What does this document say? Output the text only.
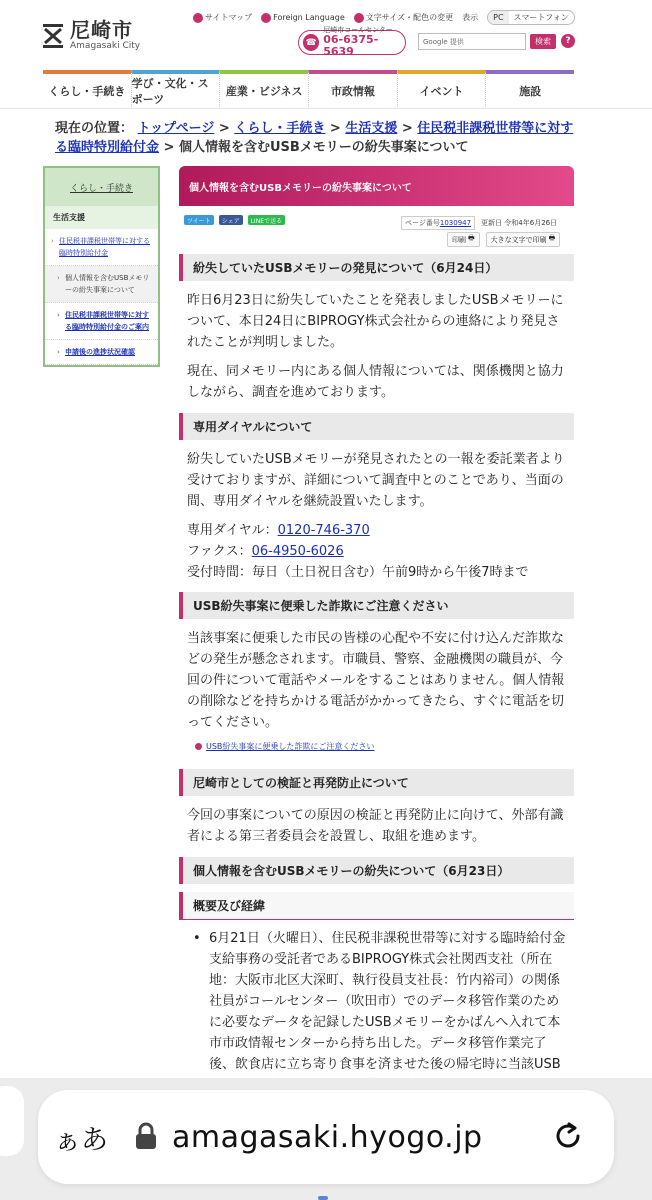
尼崎市
Amagasaki City
サイトマップ	Foreign Language	文字サイズ・配色の変更 表示	PC	スマートフォン
☎
尼崎市コールセンター
06-6375-5639
Google 提供	検索	?
くらし・手続き
学び・文化・スポーツ
産業・ビジネス	市政情報	イベント	施設
現在の位置： トップページ > くらし・手続き > 生活支援 > 住民税非課税世帯等に対する臨時特別給付金 > 個人情報を含むUSBメモリーの紛失事案について
くらし・手続き
生活支援
› 住民税非課税世帯等に対する臨時特別給付金
› 個人情報を含むUSBメモリーの紛失事案について
› 住民税非課税世帯等に対する臨時特別給付金のご案内
› 申請後の進捗状況確認
個人情報を含むUSBメモリーの紛失事案について
ツイート	シェア	LINEで送る	ページ番号1030947	更新日 令和4年6月26日
印刷 🖶 大きな文字で印刷 🖶
紛失していたUSBメモリーの発見について（6月24日）
昨日6月23日に紛失していたことを発表しましたUSBメモリーについて、本日24日にBIPROGY株式会社からの連絡により発見されたことが判明しました。
現在、同メモリー内にある個人情報については、関係機関と協力しながら、調査を進めております。
専用ダイヤルについて
紛失していたUSBメモリーが発見されたとの一報を委託業者より受けておりますが、詳細について調査中とのことであり、当面の間、専用ダイヤルを継続設置いたします。
専用ダイヤル：0120-746-370
ファクス：06-4950-6026
受付時間：毎日（土日祝日含む）午前9時から午後7時まで
USB紛失事案に便乗した詐欺にご注意ください
当該事案に便乗した市民の皆様の心配や不安に付け込んだ詐欺などの発生が懸念されます。市職員、警察、金融機関の職員が、今回の件について電話やメールをすることはありません。個人情報の削除などを持ちかける電話がかかってきたら、すぐに電話を切ってください。
USB紛失事案に便乗した詐欺にご注意ください
尼崎市としての検証と再発防止について
今回の事案についての原因の検証と再発防止に向けて、外部有識者による第三者委員会を設置し、取組を進めます。
個人情報を含むUSBメモリーの紛失について（6月23日）
概要及び経緯
• 6月21日（火曜日）、住民税非課税世帯等に対する臨時給付金支給事務の受託者であるBIPROGY株式会社関西支社（所在地：大阪市北区大深町、執行役員支社長：竹内裕司）の関係社員がコールセンター（吹田市）でのデータ移管作業のために必要なデータを記録したUSBメモリーをかばんへ入れて本市市政情報センターから持ち出した。データ移管作業完了後、飲食店に立ち寄り食事を済ませた後の帰宅時に当該USB
ぁあ amagasaki.hyogo.jp
